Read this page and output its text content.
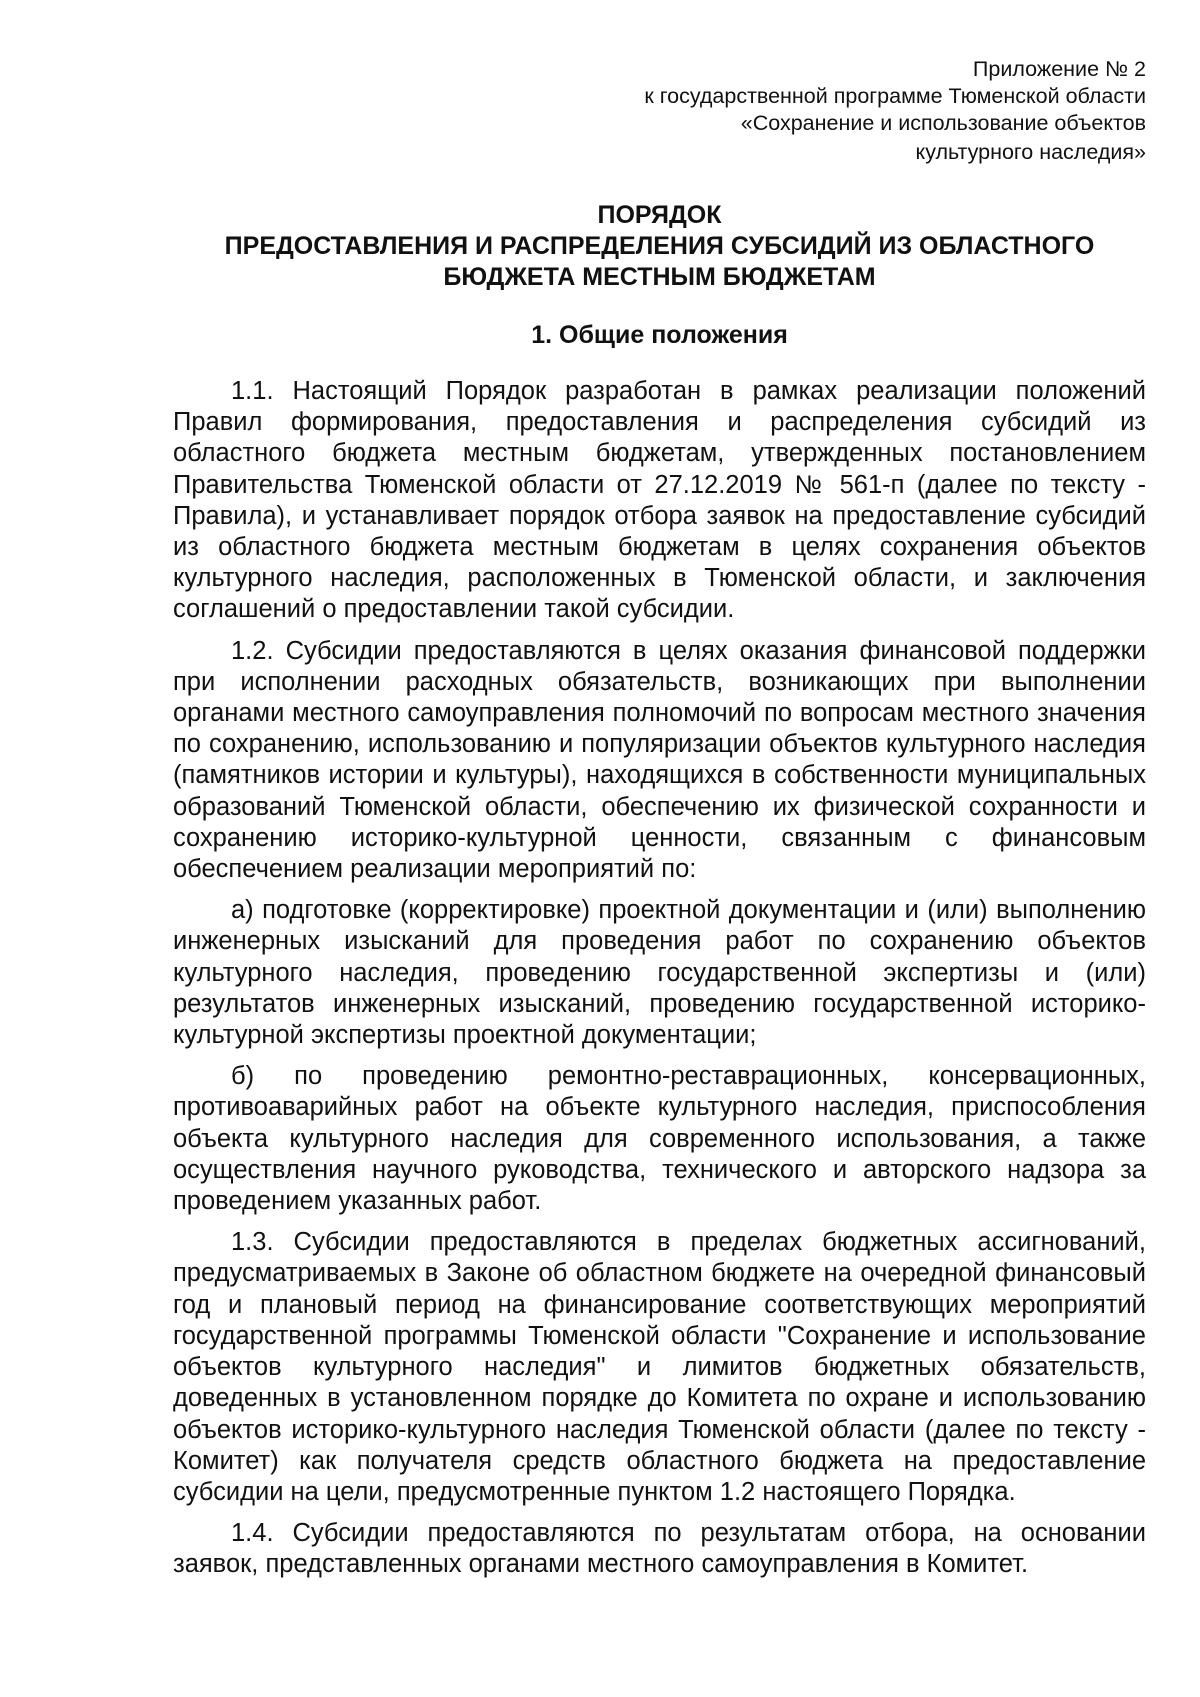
Приложение № 2
к государственной программе Тюменской области
«Сохранение и использование объектов
культурного наследия»
ПОРЯДОК
ПРЕДОСТАВЛЕНИЯ И РАСПРЕДЕЛЕНИЯ СУБСИДИЙ ИЗ ОБЛАСТНОГО
БЮДЖЕТА МЕСТНЫМ БЮДЖЕТАМ
1. Общие положения

1.1. Настоящий Порядок разработан в рамках реализации положений Правил формирования, предоставления и распределения субсидий из областного бюджета местным бюджетам, утвержденных постановлением Правительства Тюменской области от 27.12.2019 № 561-п (далее по тексту - Правила), и устанавливает порядок отбора заявок на предоставление субсидий из областного бюджета местным бюджетам в целях сохранения объектов культурного наследия, расположенных в Тюменской области, и заключения соглашений о предоставлении такой субсидии.

1.2. Субсидии предоставляются в целях оказания финансовой поддержки при исполнении расходных обязательств, возникающих при выполнении органами местного самоуправления полномочий по вопросам местного значения по сохранению, использованию и популяризации объектов культурного наследия (памятников истории и культуры), находящихся в собственности муниципальных образований Тюменской области, обеспечению их физической сохранности и сохранению историко-культурной ценности, связанным с финансовым обеспечением реализации мероприятий по:

а) подготовке (корректировке) проектной документации и (или) выполнению инженерных изысканий для проведения работ по сохранению объектов культурного наследия, проведению государственной экспертизы и (или) результатов инженерных изысканий, проведению государственной историко-культурной экспертизы проектной документации;

б) по проведению ремонтно-реставрационных, консервационных, противоаварийных работ на объекте культурного наследия, приспособления объекта культурного наследия для современного использования, а также осуществления научного руководства, технического и авторского надзора за проведением указанных работ.

1.3. Субсидии предоставляются в пределах бюджетных ассигнований, предусматриваемых в Законе об областном бюджете на очередной финансовый год и плановый период на финансирование соответствующих мероприятий государственной программы Тюменской области "Сохранение и использование объектов культурного наследия" и лимитов бюджетных обязательств, доведенных в установленном порядке до Комитета по охране и использованию объектов историко-культурного наследия Тюменской области (далее по тексту - Комитет) как получателя средств областного бюджета на предоставление субсидии на цели, предусмотренные пунктом 1.2 настоящего Порядка.

1.4. Субсидии предоставляются по результатам отбора, на основании заявок, представленных органами местного самоуправления в Комитет.
